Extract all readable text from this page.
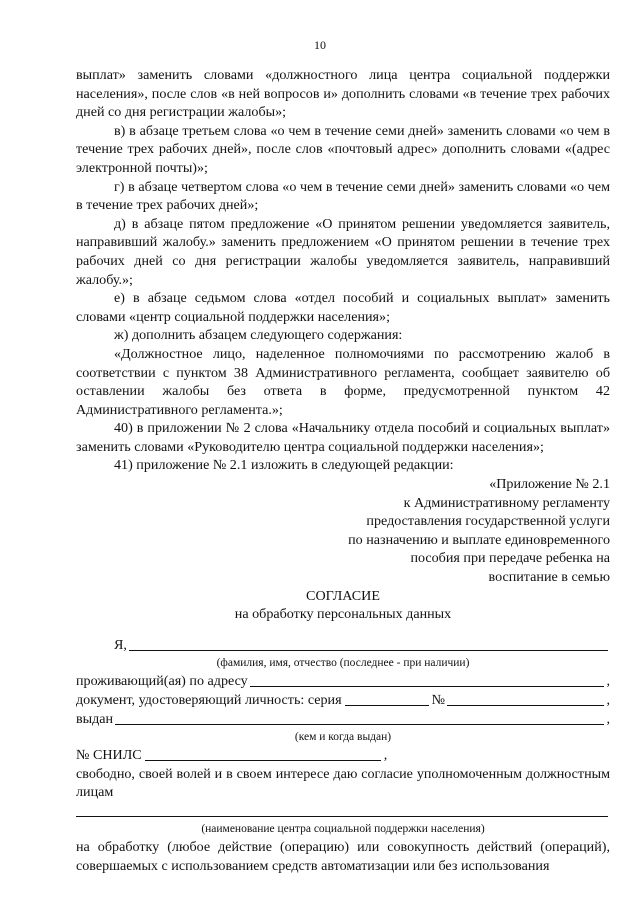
10

выплат» заменить словами «должностного лица центра социальной поддержки населения», после слов «в ней вопросов и» дополнить словами «в течение трех рабочих дней со дня регистрации жалобы»;

в) в абзаце третьем слова «о чем в течение семи дней» заменить словами «о чем в течение трех рабочих дней», после слов «почтовый адрес» дополнить словами «(адрес электронной почты)»;

г) в абзаце четвертом слова «о чем в течение семи дней» заменить словами «о чем в течение трех рабочих дней»;

д) в абзаце пятом предложение «О принятом решении уведомляется заявитель, направивший жалобу.» заменить предложением «О принятом решении в течение трех рабочих дней со дня регистрации жалобы уведомляется заявитель, направивший жалобу.»;

е) в абзаце седьмом слова «отдел пособий и социальных выплат» заменить словами «центр социальной поддержки населения»;

ж) дополнить абзацем следующего содержания:

«Должностное лицо, наделенное полномочиями по рассмотрению жалоб в соответствии с пунктом 38 Административного регламента, сообщает заявителю об оставлении жалобы без ответа в форме, предусмотренной пунктом 42 Административного регламента.»;

40) в приложении № 2 слова «Начальнику отдела пособий и социальных выплат» заменить словами «Руководителю центра социальной поддержки населения»;

41) приложение № 2.1 изложить в следующей редакции:

«Приложение № 2.1

к Административному регламенту

предоставления государственной услуги

по назначению и выплате единовременного

пособия при передаче ребенка на

воспитание в семью

СОГЛАСИЕ

на обработку персональных данных

Я,
(фамилия, имя, отчество (последнее - при наличии)
проживающий(ая) по адресу	,
документ, удостоверяющий личность: серия	№	,
выдан	,
(кем и когда выдан)
№ СНИЛС	,

свободно, своей волей и в своем интересе даю согласие уполномоченным должностным лицам

(наименование центра социальной поддержки населения)

на обработку (любое действие (операцию) или совокупность действий (операций), совершаемых с использованием средств автоматизации или без использования
